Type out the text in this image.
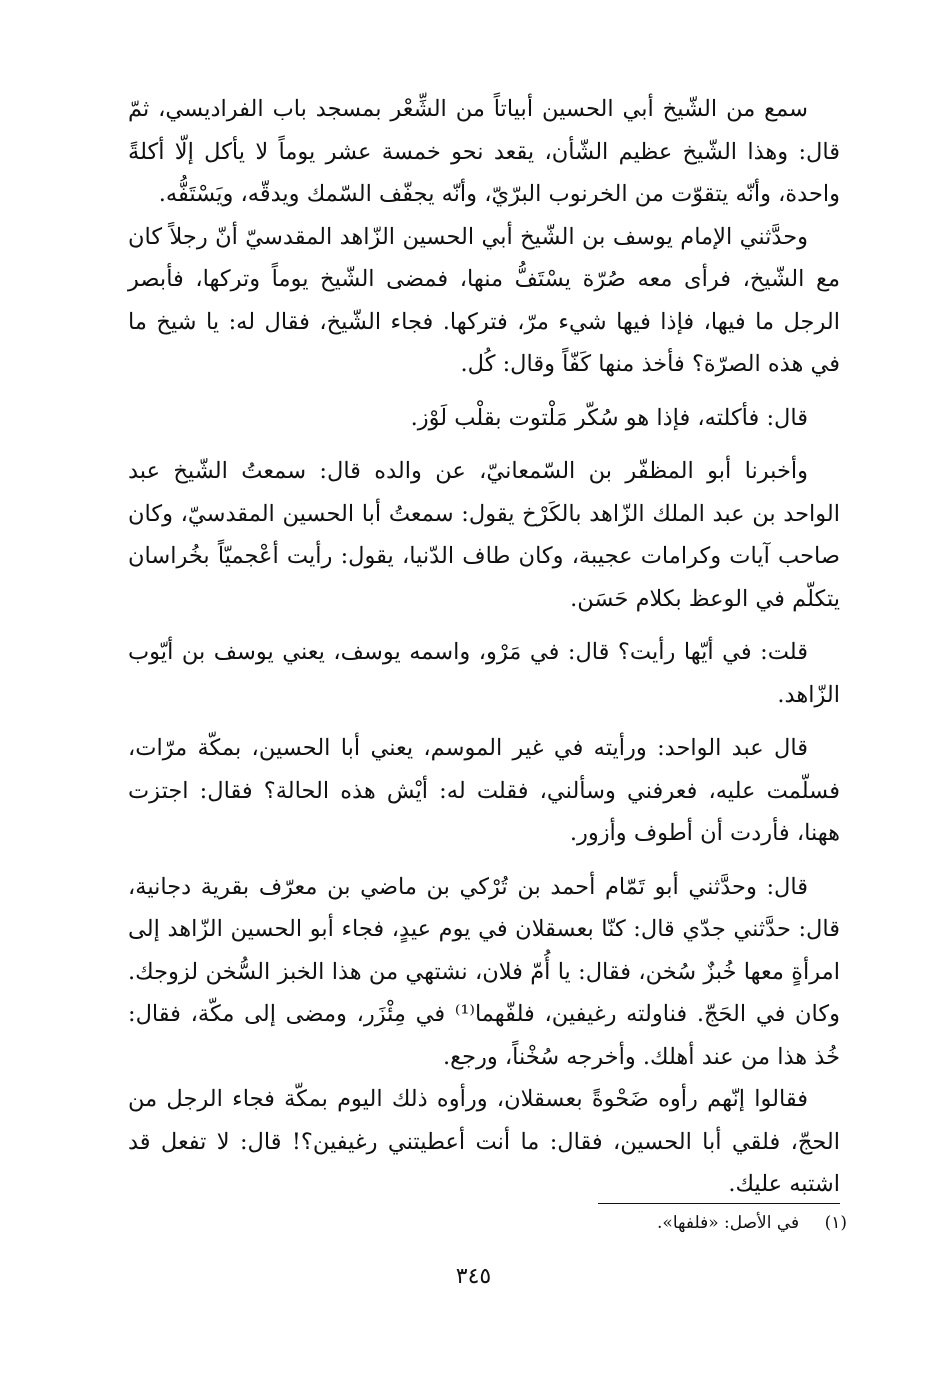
سمع من الشّيخ أبي الحسين أبياتاً من الشِّعْر بمسجد باب الفراديسي، ثمّ قال: وهذا الشّيخ عظيم الشّأن، يقعد نحو خمسة عشر يوماً لا يأكل إلّا أكلةً واحدة، وأنّه يتقوّت من الخرنوب البرّيّ، وأنّه يجفّف السّمك ويدقّه، ويَسْتَفُّه.

وحدَّثني الإمام يوسف بن الشّيخ أبي الحسين الزّاهد المقدسيّ أنّ رجلاً كان مع الشّيخ، فرأى معه صُرّة يسْتَفُّ منها، فمضى الشّيخ يوماً وتركها، فأبصر الرجل ما فيها، فإذا فيها شيء مرّ، فتركها. فجاء الشّيخ، فقال له: يا شيخ ما في هذه الصرّة؟ فأخذ منها كَفّاً وقال: كُل.

قال: فأكلته، فإذا هو سُكّر مَلْتوت بقلْب لَوْز.

وأخبرنا أبو المظفّر بن السّمعانيّ، عن والده قال: سمعتُ الشّيخ عبد الواحد بن عبد الملك الزّاهد بالكَرْخ يقول: سمعتُ أبا الحسين المقدسيّ، وكان صاحب آيات وكرامات عجيبة، وكان طاف الدّنيا، يقول: رأيت أعْجميّاً بخُراسان يتكلّم في الوعظ بكلام حَسَن.

قلت: في أيّها رأيت؟ قال: في مَرْو، واسمه يوسف، يعني يوسف بن أيّوب الزّاهد.

قال عبد الواحد: ورأيته في غير الموسم، يعني أبا الحسين، بمكّة مرّات، فسلّمت عليه، فعرفني وسألني، فقلت له: أيْش هذه الحالة؟ فقال: اجتزت ههنا، فأردت أن أطوف وأزور.

قال: وحدَّثني أبو تَمّام أحمد بن تُرْكي بن ماضي بن معرّف بقرية دجانية، قال: حدَّثني جدّي قال: كنّا بعسقلان في يوم عيدٍ، فجاء أبو الحسين الزّاهد إلى امرأةٍ معها خُبزٌ سُخن، فقال: يا أُمّ فلان، نشتهي من هذا الخبز السُّخن لزوجك. وكان في الحَجّ. فناولته رغيفين، فلفّهما⁽¹⁾ في مِئْزَر، ومضى إلى مكّة، فقال: خُذ هذا من عند أهلك. وأخرجه سُخْناً، ورجع.

فقالوا إنّهم رأوه ضَحْوةً بعسقلان، ورأوه ذلك اليوم بمكّة فجاء الرجل من الحجّ، فلقي أبا الحسين، فقال: ما أنت أعطيتني رغيفين؟! قال: لا تفعل قد اشتبه عليك.

(١) في الأصل: «فلفها».
٣٤٥
